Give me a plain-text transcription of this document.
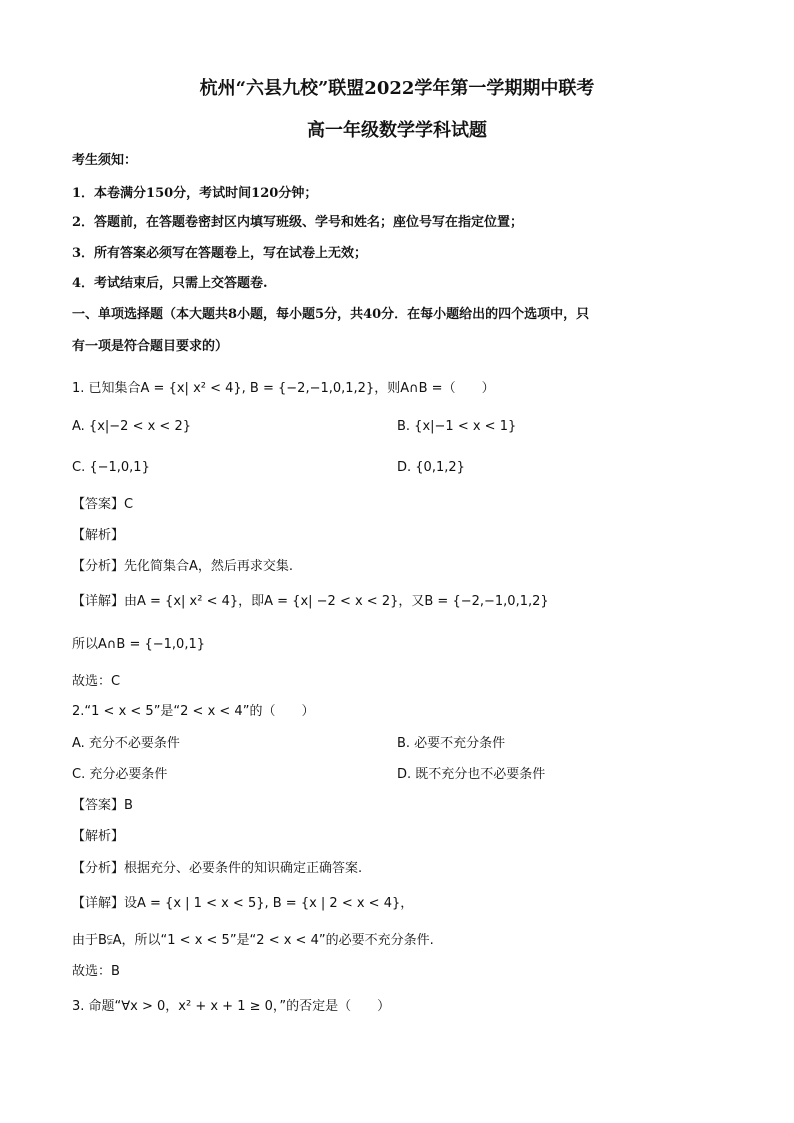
杭州“六县九校”联盟2022学年第一学期期中联考
高一年级数学学科试题
考生须知：
1．本卷满分150分，考试时间120分钟；
2．答题前，在答题卷密封区内填写班级、学号和姓名；座位号写在指定位置；
3．所有答案必须写在答题卷上，写在试卷上无效；
4．考试结束后，只需上交答题卷.
一、单项选择题（本大题共8小题，每小题5分，共40分．在每小题给出的四个选项中，只
有一项是符合题目要求的）
1. 已知集合A = {x| x² < 4}, B = {−2,−1,0,1,2}，则A∩B =（　　）
A. {x|−2 < x < 2}	B. {x|−1 < x < 1}
C. {−1,0,1}	D. {0,1,2}
【答案】C
【解析】
【分析】先化简集合A，然后再求交集.
【详解】由A = {x| x² < 4}，即A = {x| −2 < x < 2}，又B = {−2,−1,0,1,2}
所以A∩B = {−1,0,1}
故选：C
2.“1 < x < 5”是“2 < x < 4”的（　　）
A. 充分不必要条件	B. 必要不充分条件
C. 充分必要条件	D. 既不充分也不必要条件
【答案】B
【解析】
【分析】根据充分、必要条件的知识确定正确答案.
【详解】设A = {x | 1 < x < 5}, B = {x | 2 < x < 4}，
由于B⫋A，所以“1 < x < 5”是“2 < x < 4”的必要不充分条件.
故选：B
3. 命题“∀x > 0，x² + x + 1 ≥ 0，”的否定是（　　）
